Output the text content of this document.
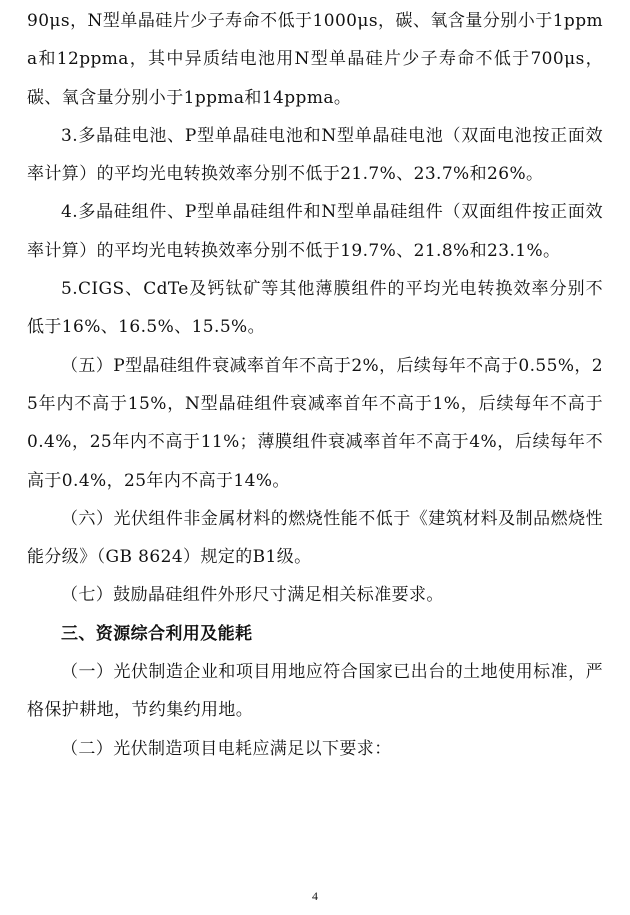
90μs，N型单晶硅片少子寿命不低于1000μs，碳、氧含量分别小于1ppma和12ppma，其中异质结电池用N型单晶硅片少子寿命不低于700μs，碳、氧含量分别小于1ppma和14ppma。

3.多晶硅电池、P型单晶硅电池和N型单晶硅电池（双面电池按正面效率计算）的平均光电转换效率分别不低于21.7%、23.7%和26%。

4.多晶硅组件、P型单晶硅组件和N型单晶硅组件（双面组件按正面效率计算）的平均光电转换效率分别不低于19.7%、21.8%和23.1%。

5.CIGS、CdTe及钙钛矿等其他薄膜组件的平均光电转换效率分别不低于16%、16.5%、15.5%。

（五）P型晶硅组件衰减率首年不高于2%，后续每年不高于0.55%，25年内不高于15%，N型晶硅组件衰减率首年不高于1%，后续每年不高于0.4%，25年内不高于11%；薄膜组件衰减率首年不高于4%，后续每年不高于0.4%，25年内不高于14%。

（六）光伏组件非金属材料的燃烧性能不低于《建筑材料及制品燃烧性能分级》（GB 8624）规定的B1级。

（七）鼓励晶硅组件外形尺寸满足相关标准要求。

三、资源综合利用及能耗

（一）光伏制造企业和项目用地应符合国家已出台的土地使用标准，严格保护耕地，节约集约用地。

（二）光伏制造项目电耗应满足以下要求：

4
